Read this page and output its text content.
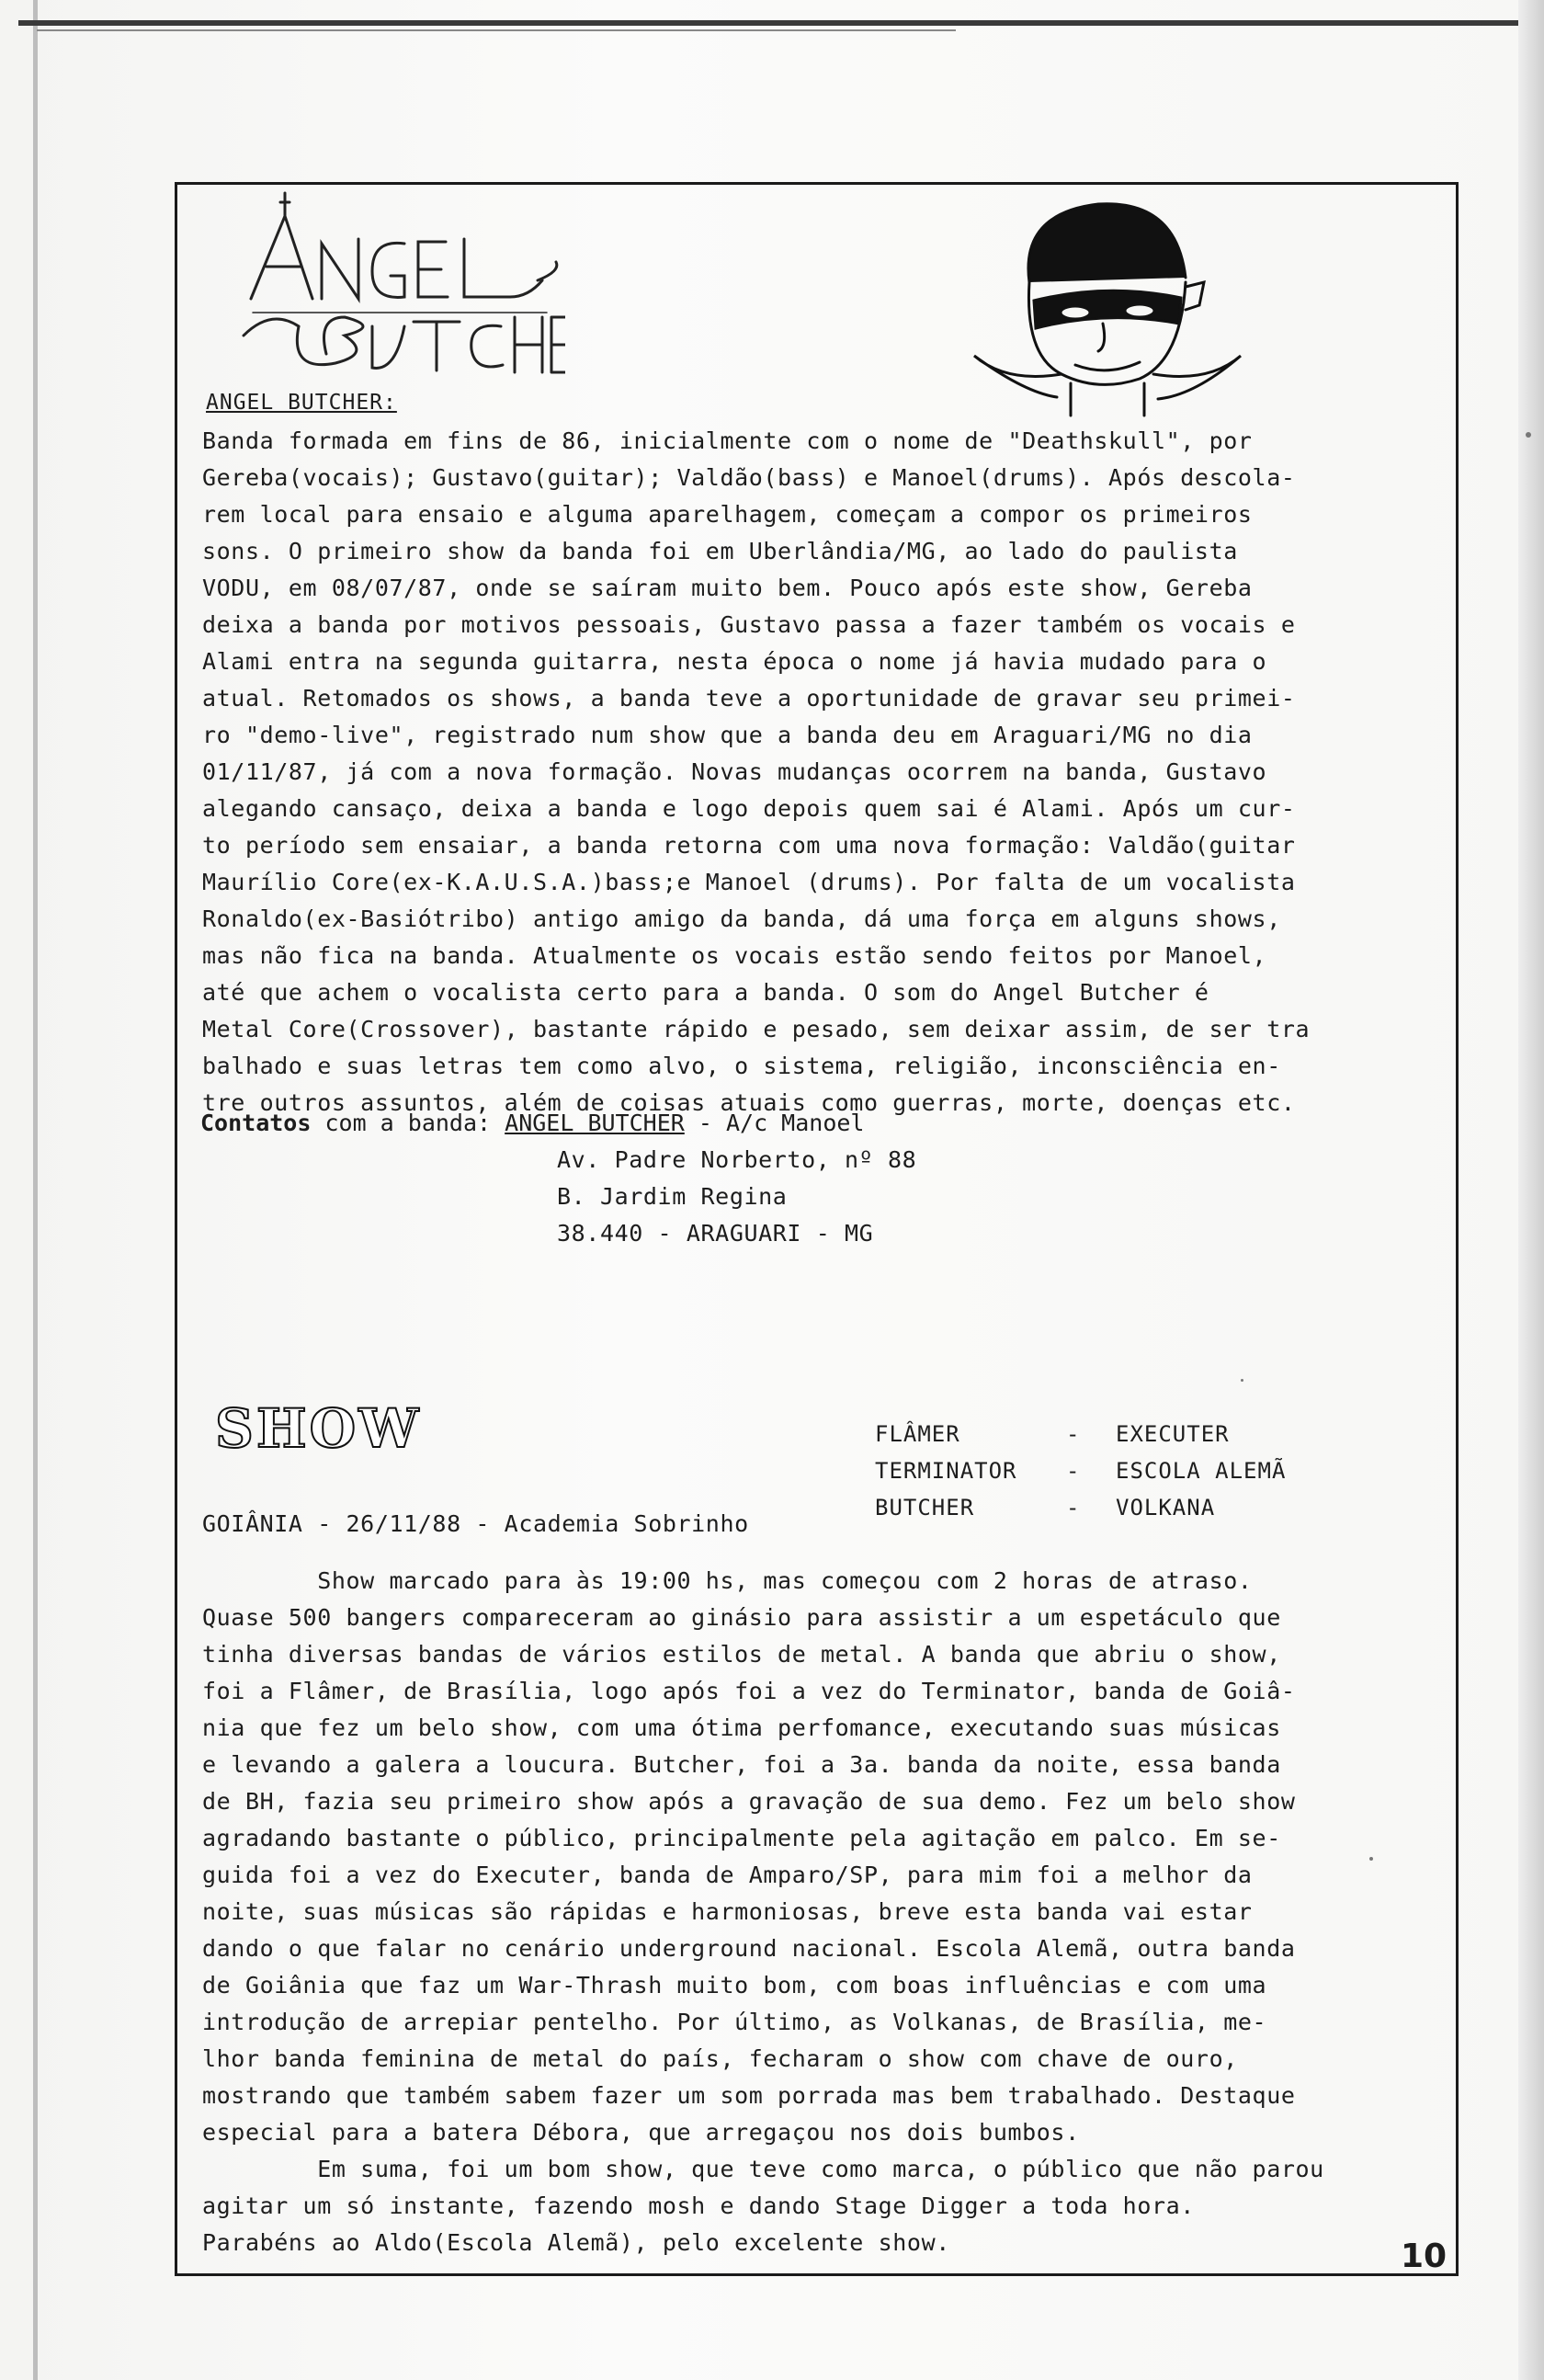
ANGEL BUTCHER:
Banda formada em fins de 86, inicialmente com o nome de "Deathskull", por
Gereba(vocais); Gustavo(guitar); Valdão(bass) e Manoel(drums). Após descola-
rem local para ensaio e alguma aparelhagem, começam a compor os primeiros
sons. O primeiro show da banda foi em Uberlândia/MG, ao lado do paulista
VODU, em 08/07/87, onde se saíram muito bem. Pouco após este show, Gereba
deixa a banda por motivos pessoais, Gustavo passa a fazer também os vocais e
Alami entra na segunda guitarra, nesta época o nome já havia mudado para o
atual. Retomados os shows, a banda teve a oportunidade de gravar seu primei-
ro "demo-live", registrado num show que a banda deu em Araguari/MG no dia
01/11/87, já com a nova formação. Novas mudanças ocorrem na banda, Gustavo
alegando cansaço, deixa a banda e logo depois quem sai é Alami. Após um cur-
to período sem ensaiar, a banda retorna com uma nova formação: Valdão(guitar
Maurílio Core(ex-K.A.U.S.A.)bass;e Manoel (drums). Por falta de um vocalista
Ronaldo(ex-Basiótribo) antigo amigo da banda, dá uma força em alguns shows,
mas não fica na banda. Atualmente os vocais estão sendo feitos por Manoel,
até que achem o vocalista certo para a banda. O som do Angel Butcher é
Metal Core(Crossover), bastante rápido e pesado, sem deixar assim, de ser tra
balhado e suas letras tem como alvo, o sistema, religião, inconsciência en-
tre outros assuntos, além de coisas atuais como guerras, morte, doenças etc.
Contatos com a banda: ANGEL BUTCHER - A/c Manoel
Av. Padre Norberto, nº 88
B. Jardim Regina
38.440 - ARAGUARI - MG
SHOW	FLÂMER	- EXECUTER
TERMINATOR - ESCOLA ALEMÃ
BUTCHER	- VOLKANA
GOIÂNIA - 26/11/88 - Academia Sobrinho
Show marcado para às 19:00 hs, mas começou com 2 horas de atraso.
Quase 500 bangers compareceram ao ginásio para assistir a um espetáculo que
tinha diversas bandas de vários estilos de metal. A banda que abriu o show,
foi a Flâmer, de Brasília, logo após foi a vez do Terminator, banda de Goiâ-
nia que fez um belo show, com uma ótima perfomance, executando suas músicas
e levando a galera a loucura. Butcher, foi a 3a. banda da noite, essa banda
de BH, fazia seu primeiro show após a gravação de sua demo. Fez um belo show
agradando bastante o público, principalmente pela agitação em palco. Em se-
guida foi a vez do Executer, banda de Amparo/SP, para mim foi a melhor da
noite, suas músicas são rápidas e harmoniosas, breve esta banda vai estar
dando o que falar no cenário underground nacional. Escola Alemã, outra banda
de Goiânia que faz um War-Thrash muito bom, com boas influências e com uma
introdução de arrepiar pentelho. Por último, as Volkanas, de Brasília, me-
lhor banda feminina de metal do país, fecharam o show com chave de ouro,
mostrando que também sabem fazer um som porrada mas bem trabalhado. Destaque
especial para a batera Débora, que arregaçou nos dois bumbos.
Em suma, foi um bom show, que teve como marca, o público que não parou
agitar um só instante, fazendo mosh e dando Stage Digger a toda hora.
Parabéns ao Aldo(Escola Alemã), pelo excelente show.	10
